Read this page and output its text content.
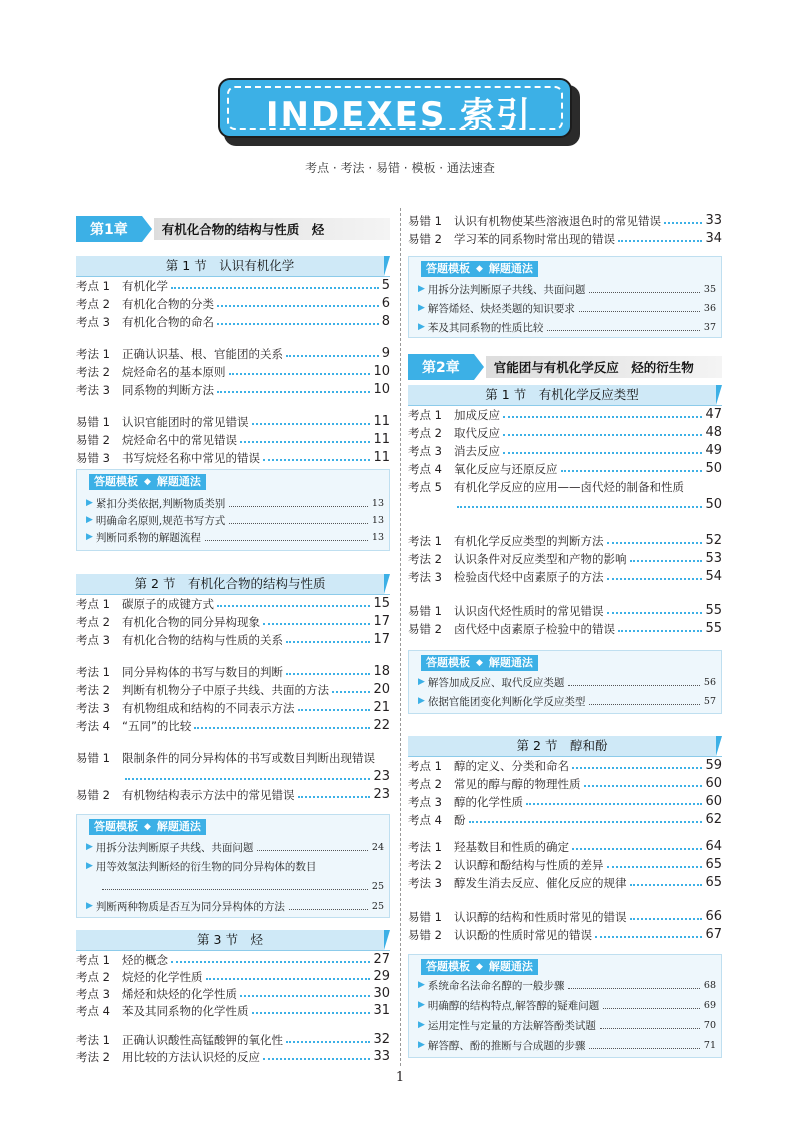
INDEXES 索引
考点 · 考法 · 易错 · 模板 · 通法速查
第1章	有机化合物的结构与性质　烃
第 1 节　认识有机化学
考点 1	有机化学	5
考点 2	有机化合物的分类	6
考点 3	有机化合物的命名	8
考法 1	正确认识基、根、官能团的关系	9
考法 2	烷烃命名的基本原则	10
考法 3	同系物的判断方法	10
易错 1	认识官能团时的常见错误	11
易错 2	烷烃命名中的常见错误	11
易错 3	书写烷烃名称中常见的错误	11
答题模板 ◆ 解题通法
▶ 紧扣分类依据,判断物质类别	13
▶ 明确命名原则,规范书写方式	13
▶ 判断同系物的解题流程	13
第 2 节　有机化合物的结构与性质
考点 1	碳原子的成键方式	15
考点 2	有机化合物的同分异构现象	17
考点 3	有机化合物的结构与性质的关系	17
考法 1	同分异构体的书写与数目的判断	18
考法 2	判断有机物分子中原子共线、共面的方法	20
考法 3	有机物组成和结构的不同表示方法	21
考法 4	“五同”的比较	22
易错 1	限制条件的同分异构体的书写或数目判断出现错误
23
易错 2	有机物结构表示方法中的常见错误	23
答题模板 ◆ 解题通法
▶ 用拆分法判断原子共线、共面问题	24
▶ 用等效氢法判断烃的衍生物的同分异构体的数目
25
▶ 判断两种物质是否互为同分异构体的方法	25
第 3 节　烃
考点 1	烃的概念	27
考点 2	烷烃的化学性质	29
考点 3	烯烃和炔烃的化学性质	30
考点 4	苯及其同系物的化学性质	31
考法 1	正确认识酸性高锰酸钾的氧化性	32
考法 2	用比较的方法认识烃的反应	33
易错 1	认识有机物使某些溶液退色时的常见错误	33
易错 2	学习苯的同系物时常出现的错误	34
答题模板 ◆ 解题通法
▶ 用拆分法判断原子共线、共面问题	35
▶ 解答烯烃、炔烃类题的知识要求	36
▶ 苯及其同系物的性质比较	37
第2章	官能团与有机化学反应　烃的衍生物
第 1 节　有机化学反应类型
考点 1	加成反应	47
考点 2	取代反应	48
考点 3	消去反应	49
考点 4	氧化反应与还原反应	50
考点 5	有机化学反应的应用——卤代烃的制备和性质
50
考法 1	有机化学反应类型的判断方法	52
考法 2	认识条件对反应类型和产物的影响	53
考法 3	检验卤代烃中卤素原子的方法	54
易错 1	认识卤代烃性质时的常见错误	55
易错 2	卤代烃中卤素原子检验中的错误	55
答题模板 ◆ 解题通法
▶ 解答加成反应、取代反应类题	56
▶ 依据官能团变化判断化学反应类型	57
第 2 节　醇和酚
考点 1	醇的定义、分类和命名	59
考点 2	常见的醇与醇的物理性质	60
考点 3	醇的化学性质	60
考点 4	酚	62
考法 1	羟基数目和性质的确定	64
考法 2	认识醇和酚结构与性质的差异	65
考法 3	醇发生消去反应、催化反应的规律	65
易错 1	认识醇的结构和性质时常见的错误	66
易错 2	认识酚的性质时常见的错误	67
答题模板 ◆ 解题通法
▶ 系统命名法命名醇的一般步骤	68
▶ 明确醇的结构特点,解答醇的疑难问题	69
▶ 运用定性与定量的方法解答酚类试题	70
▶ 解答醇、酚的推断与合成题的步骤	71
1
